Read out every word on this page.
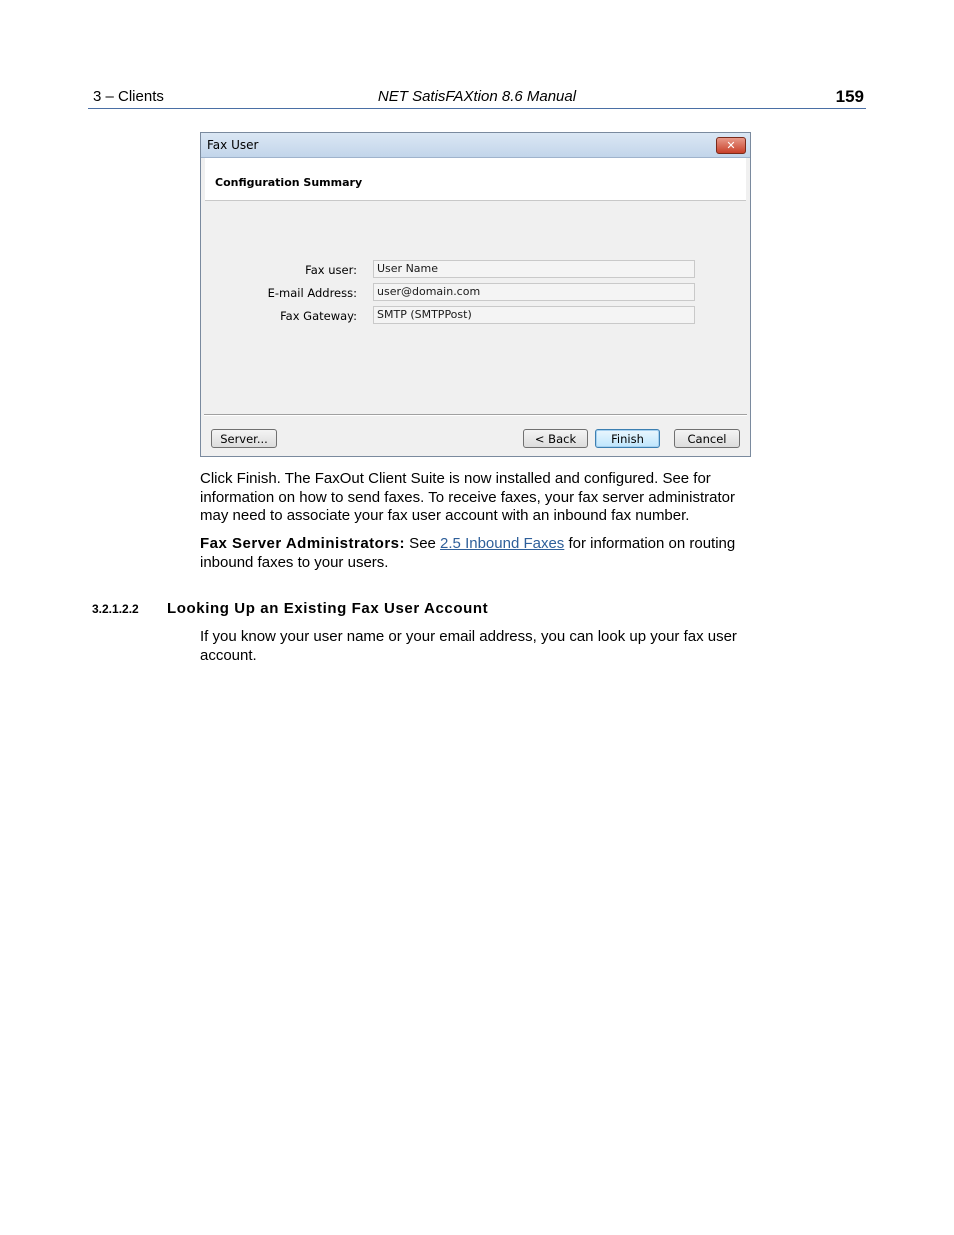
3 – Clients	NET SatisFAXtion 8.6 Manual	159
Fax User	✕
Configuration Summary
Fax user:	User Name
E-mail Address:	user@domain.com
Fax Gateway:	SMTP (SMTPPost)
Server...	< Back	Finish	Cancel

Click Finish. The FaxOut Client Suite is now installed and configured. See for information on how to send faxes. To receive faxes, your fax server administrator may need to associate your fax user account with an inbound fax number.

Fax Server Administrators: See 2.5 Inbound Faxes for information on routing inbound faxes to your users.

3.2.1.2.2 Looking Up an Existing Fax User Account

If you know your user name or your email address, you can look up your fax user account.
